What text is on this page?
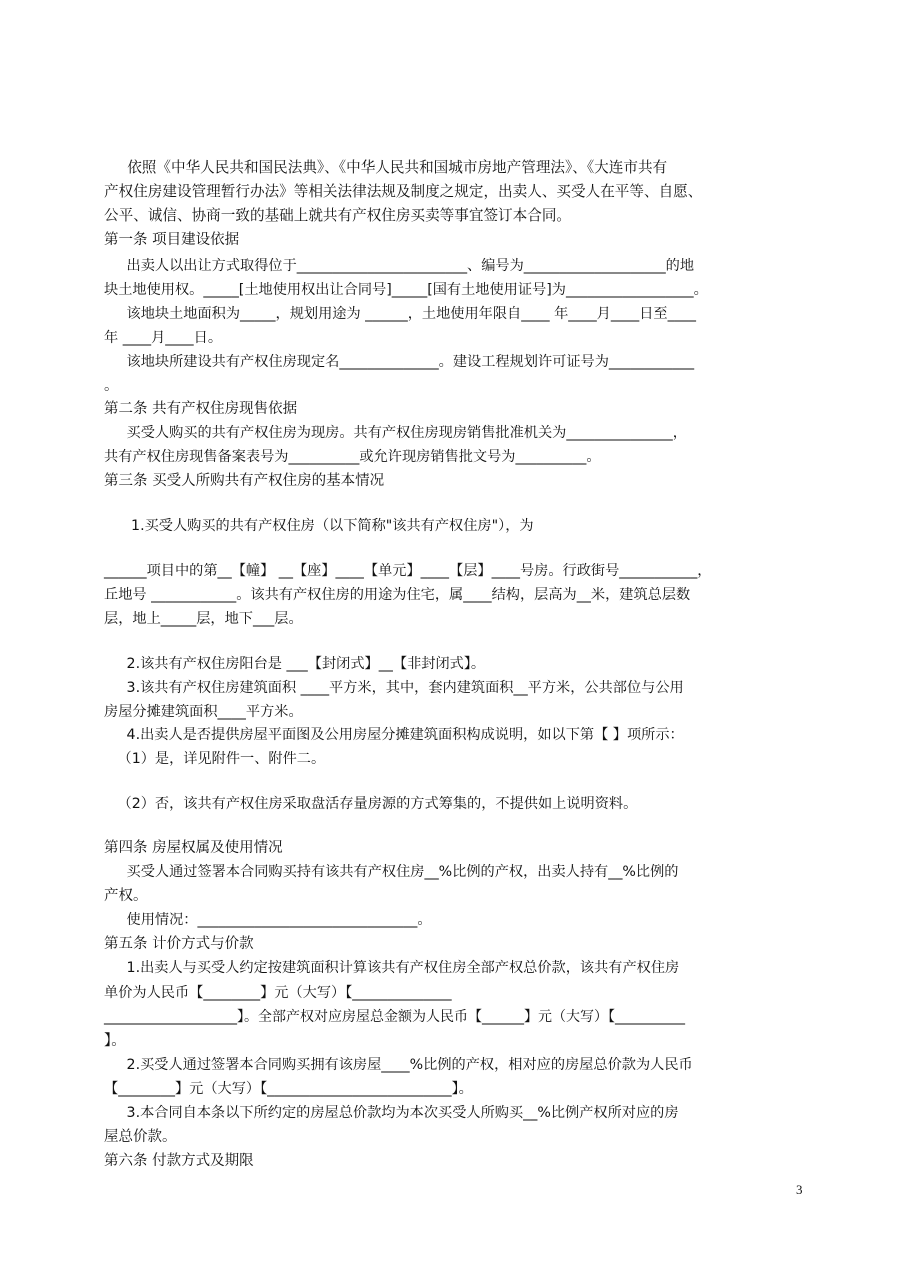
依照《中华人民共和国民法典》、《中华人民共和国城市房地产管理法》、《大连市共有
产权住房建设管理暂行办法》等相关法律法规及制度之规定，出卖人、买受人在平等、自愿、
公平、诚信、协商一致的基础上就共有产权住房买卖等事宜签订本合同。
第一条 项目建设依据
出卖人以出让方式取得位于________________________、编号为____________________的地
块土地使用权。_____[土地使用权出让合同号]_____[国有土地使用证号]为__________________。
该地块土地面积为_____，规划用途为 ______，土地使用年限自____ 年____月____日至____
年 ____月____日。
该地块所建设共有产权住房现定名______________。建设工程规划许可证号为____________
。
第二条 共有产权住房现售依据
买受人购买的共有产权住房为现房。共有产权住房现房销售批准机关为_______________，
共有产权住房现售备案表号为__________或允许现房销售批文号为__________。
第三条 买受人所购共有产权住房的基本情况
1.买受人购买的共有产权住房（以下简称"该共有产权住房"），为
______项目中的第__【幢】 __【座】____【单元】____【层】____号房。行政街号___________，
丘地号 ____________。该共有产权住房的用途为住宅，属____结构，层高为__米，建筑总层数
层，地上_____层，地下___层。
2.该共有产权住房阳台是 ___【封闭式】__【非封闭式】。
3.该共有产权住房建筑面积 ____平方米，其中，套内建筑面积__平方米，公共部位与公用
房屋分摊建筑面积____平方米。
4.出卖人是否提供房屋平面图及公用房屋分摊建筑面积构成说明，如以下第【 】项所示：
（1）是，详见附件一、附件二。
（2）否，该共有产权住房采取盘活存量房源的方式筹集的，不提供如上说明资料。
第四条 房屋权属及使用情况
买受人通过签署本合同购买持有该共有产权住房__%比例的产权，出卖人持有__%比例的
产权。
使用情况：_______________________________。
第五条 计价方式与价款
1.出卖人与买受人约定按建筑面积计算该共有产权住房全部产权总价款，该共有产权住房
单价为人民币【________】元（大写）【______________
___________________】。全部产权对应房屋总金额为人民币【______】元（大写）【__________
】。
2.买受人通过签署本合同购买拥有该房屋____%比例的产权，相对应的房屋总价款为人民币
【________】元（大写）【__________________________】。
3.本合同自本条以下所约定的房屋总价款均为本次买受人所购买__%比例产权所对应的房
屋总价款。
第六条 付款方式及期限
3
